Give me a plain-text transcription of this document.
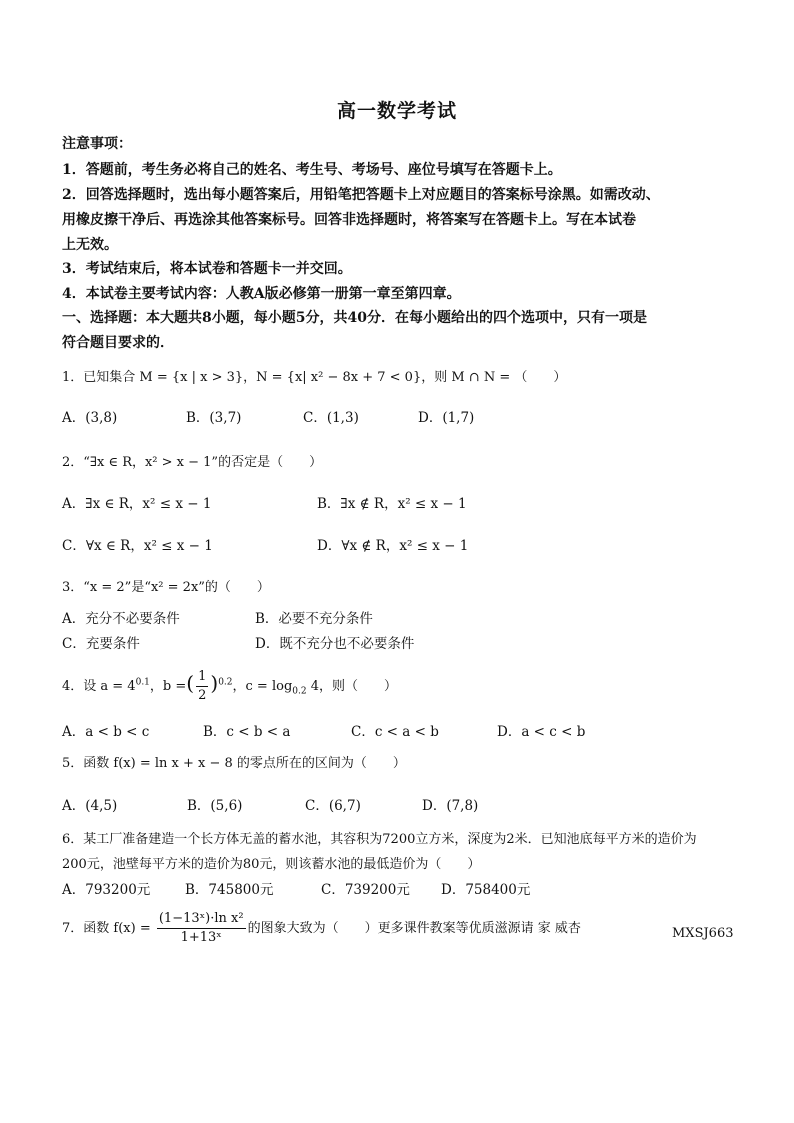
高一数学考试
注意事项：
1．答题前，考生务必将自己的姓名、考生号、考场号、座位号填写在答题卡上。
2．回答选择题时，选出每小题答案后，用铅笔把答题卡上对应题目的答案标号涂黑。如需改动、
用橡皮擦干净后、再选涂其他答案标号。回答非选择题时，将答案写在答题卡上。写在本试卷
上无效。
3．考试结束后，将本试卷和答题卡一并交回。
4．本试卷主要考试内容：人教A版必修第一册第一章至第四章。
一、选择题：本大题共8小题，每小题5分，共40分．在每小题给出的四个选项中，只有一项是
符合题目要求的．
1．已知集合 M = {x | x > 3}，N = {x| x² − 8x + 7 < 0}，则 M ∩ N = （　　）
A．(3,8)	B．(3,7)	C．(1,3)	D．(1,7)
2．“∃x ∈ R，x² > x − 1”的否定是（　　）
A．∃x ∈ R，x² ≤ x − 1	B．∃x ∉ R，x² ≤ x − 1
C．∀x ∈ R，x² ≤ x − 1	D．∀x ∉ R，x² ≤ x − 1
3．“x = 2”是“x² = 2x”的（　　）
A．充分不必要条件	B．必要不充分条件
C．充要条件	D．既不充分也不必要条件
4．设 $a = 4^{0.1}$，b =( $\frac{1}{2} )^{0.2}$，$c = \log_{0.2} 4$，则（　　）
A．a < b < c	B．c < b < a	C．c < a < b	D．a < c < b
5．函数 f(x) = ln x + x − 8 的零点所在的区间为（　　）
A．(4,5)	B．(5,6)	C．(6,7)	D．(7,8)
6．某工厂准备建造一个长方体无盖的蓄水池，其容积为7200立方米，深度为2米．已知池底每平方米的造价为
200元，池壁每平方米的造价为80元，则该蓄水池的最低造价为（　　）
A．793200元	B．745800元	C．739200元 D．758400元
7．函数 $f(x) = \frac{\text{(1−13ˣ)·ln x²}}{\text{1+13ˣ}}$ 的图象大致为（　　）更多课件教案等优质滋源请 家 威杏	MXSJ663
